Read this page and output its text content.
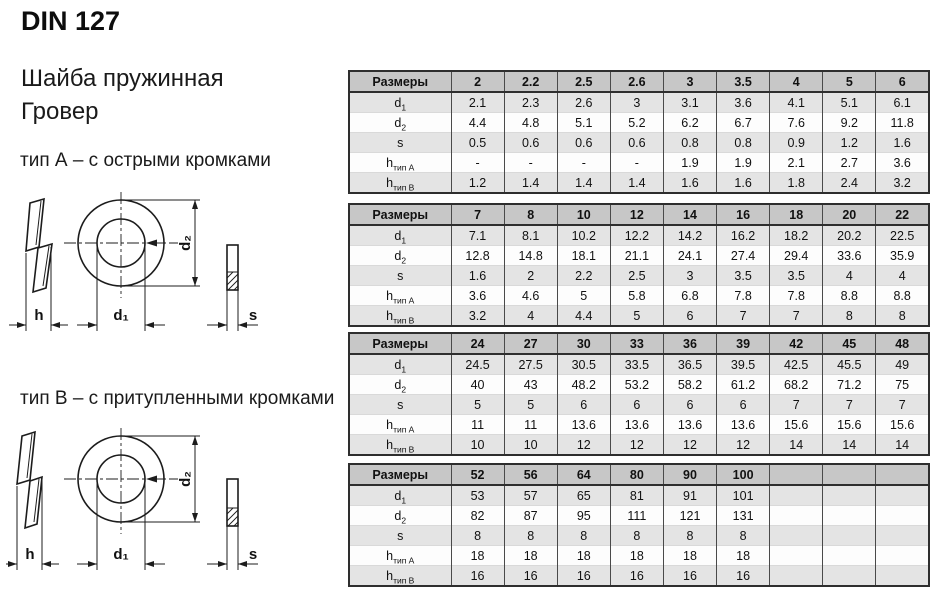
DIN 127
Шайба пружинная
Гровер
тип А – с острыми кромками
h	d₁
d₂
s
тип B – с притупленными кромками
h	d₁
d₂
s
Размеры	2	2.2	2.5	2.6	3	3.5	4	5	6
$d_1$	2.1	2.3	2.6	3	3.1	3.6	4.1	5.1	6.1
$d_2$	4.4	4.8	5.1	5.2	6.2	6.7	7.6	9.2	11.8
s	0.5	0.6	0.6	0.6	0.8	0.8	0.9	1.2	1.6
$h_{тип А}$	-	-	-	-	1.9	1.9	2.1	2.7	3.6
$h_{тип B}$	1.2	1.4	1.4	1.4	1.6	1.6	1.8	2.4	3.2
Размеры	7	8	10	12	14	16	18	20	22
$d_1$	7.1	8.1	10.2	12.2	14.2	16.2	18.2	20.2	22.5
$d_2$	12.8	14.8	18.1	21.1	24.1	27.4	29.4	33.6	35.9
s	1.6	2	2.2	2.5	3	3.5	3.5	4	4
$h_{тип А}$	3.6	4.6	5	5.8	6.8	7.8	7.8	8.8	8.8
$h_{тип B}$	3.2	4	4.4	5	6	7	7	8	8
Размеры	24	27	30	33	36	39	42	45	48
$d_1$	24.5	27.5	30.5	33.5	36.5	39.5	42.5	45.5	49
$d_2$	40	43	48.2	53.2	58.2	61.2	68.2	71.2	75
s	5	5	6	6	6	6	7	7	7
$h_{тип А}$	11	11	13.6	13.6	13.6	13.6	15.6	15.6	15.6
$h_{тип B}$	10	10	12	12	12	12	14	14	14
Размеры	52	56	64	80	90	100			
$d_1$	53	57	65	81	91	101			
$d_2$	82	87	95	111	121	131			
s	8	8	8	8	8	8			
$h_{тип А}$	18	18	18	18	18	18			
$h_{тип B}$	16	16	16	16	16	16			
